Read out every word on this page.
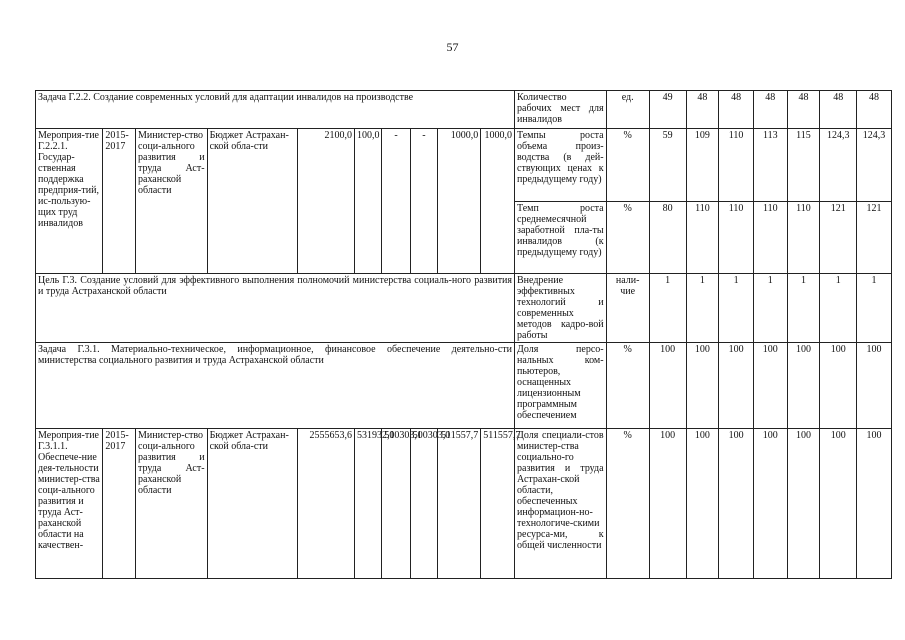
57
Задача Г.2.2. Создание современных условий для адаптации инвалидов на производстве										Количество рабочих мест для инвалидов	ед.	49	48	48	48	48	48	48
Мероприя-тие Г.2.2.1. Государ-ственная поддержка предприя-тий, ис-пользую-щих труд инвалидов	2015-2017	Министер-ство соци-ального развития и труда Аст-раханской области	Бюджет Астрахан-ской обла-сти	2100,0	100,0	-	-	1000,0	1000,0	Темпы роста объема произ-водства (в дей-ствующих ценах к предыдущему году)	%	59	109	110	113	115	124,3	124,3
										Темп роста среднемесячной заработной пла-ты инвалидов (к предыдущему году)	%	80	110	110	110	110	121	121
Цель Г.3. Создание условий для эффективного выполнения полномочий министерства социаль-ного развития и труда Астраханской области										Внедрение эффективных технологий и современных методов кадро-вой работы	нали-чие	1	1	1	1	1	1	1
Задача Г.3.1. Материально-техническое, информационное, финансовое обеспечение деятельно-сти министерства социального развития и труда Астраханской области										Доля персо-нальных ком-пьютеров, оснащенных лицензионным программным обеспечением	%	100	100	100	100	100	100	100
Мероприя-тие Г.3.1.1. Обеспече-ние дея-тельности министер-ства соци-ального развития и труда Аст-раханской области на качествен-	2015-2017	Министер-ство соци-ального развития и труда Аст-раханской области	Бюджет Астрахан-ской обла-сти	2555653,6	531932,1	500303,1	500303,0	511557,7	511557,7	Доля специали-стов министер-ства социально-го развития и труда Астрахан-ской области, обеспеченных информацион-но-технологиче-скими ресурса-ми, к общей численности	%	100	100	100	100	100	100	100
